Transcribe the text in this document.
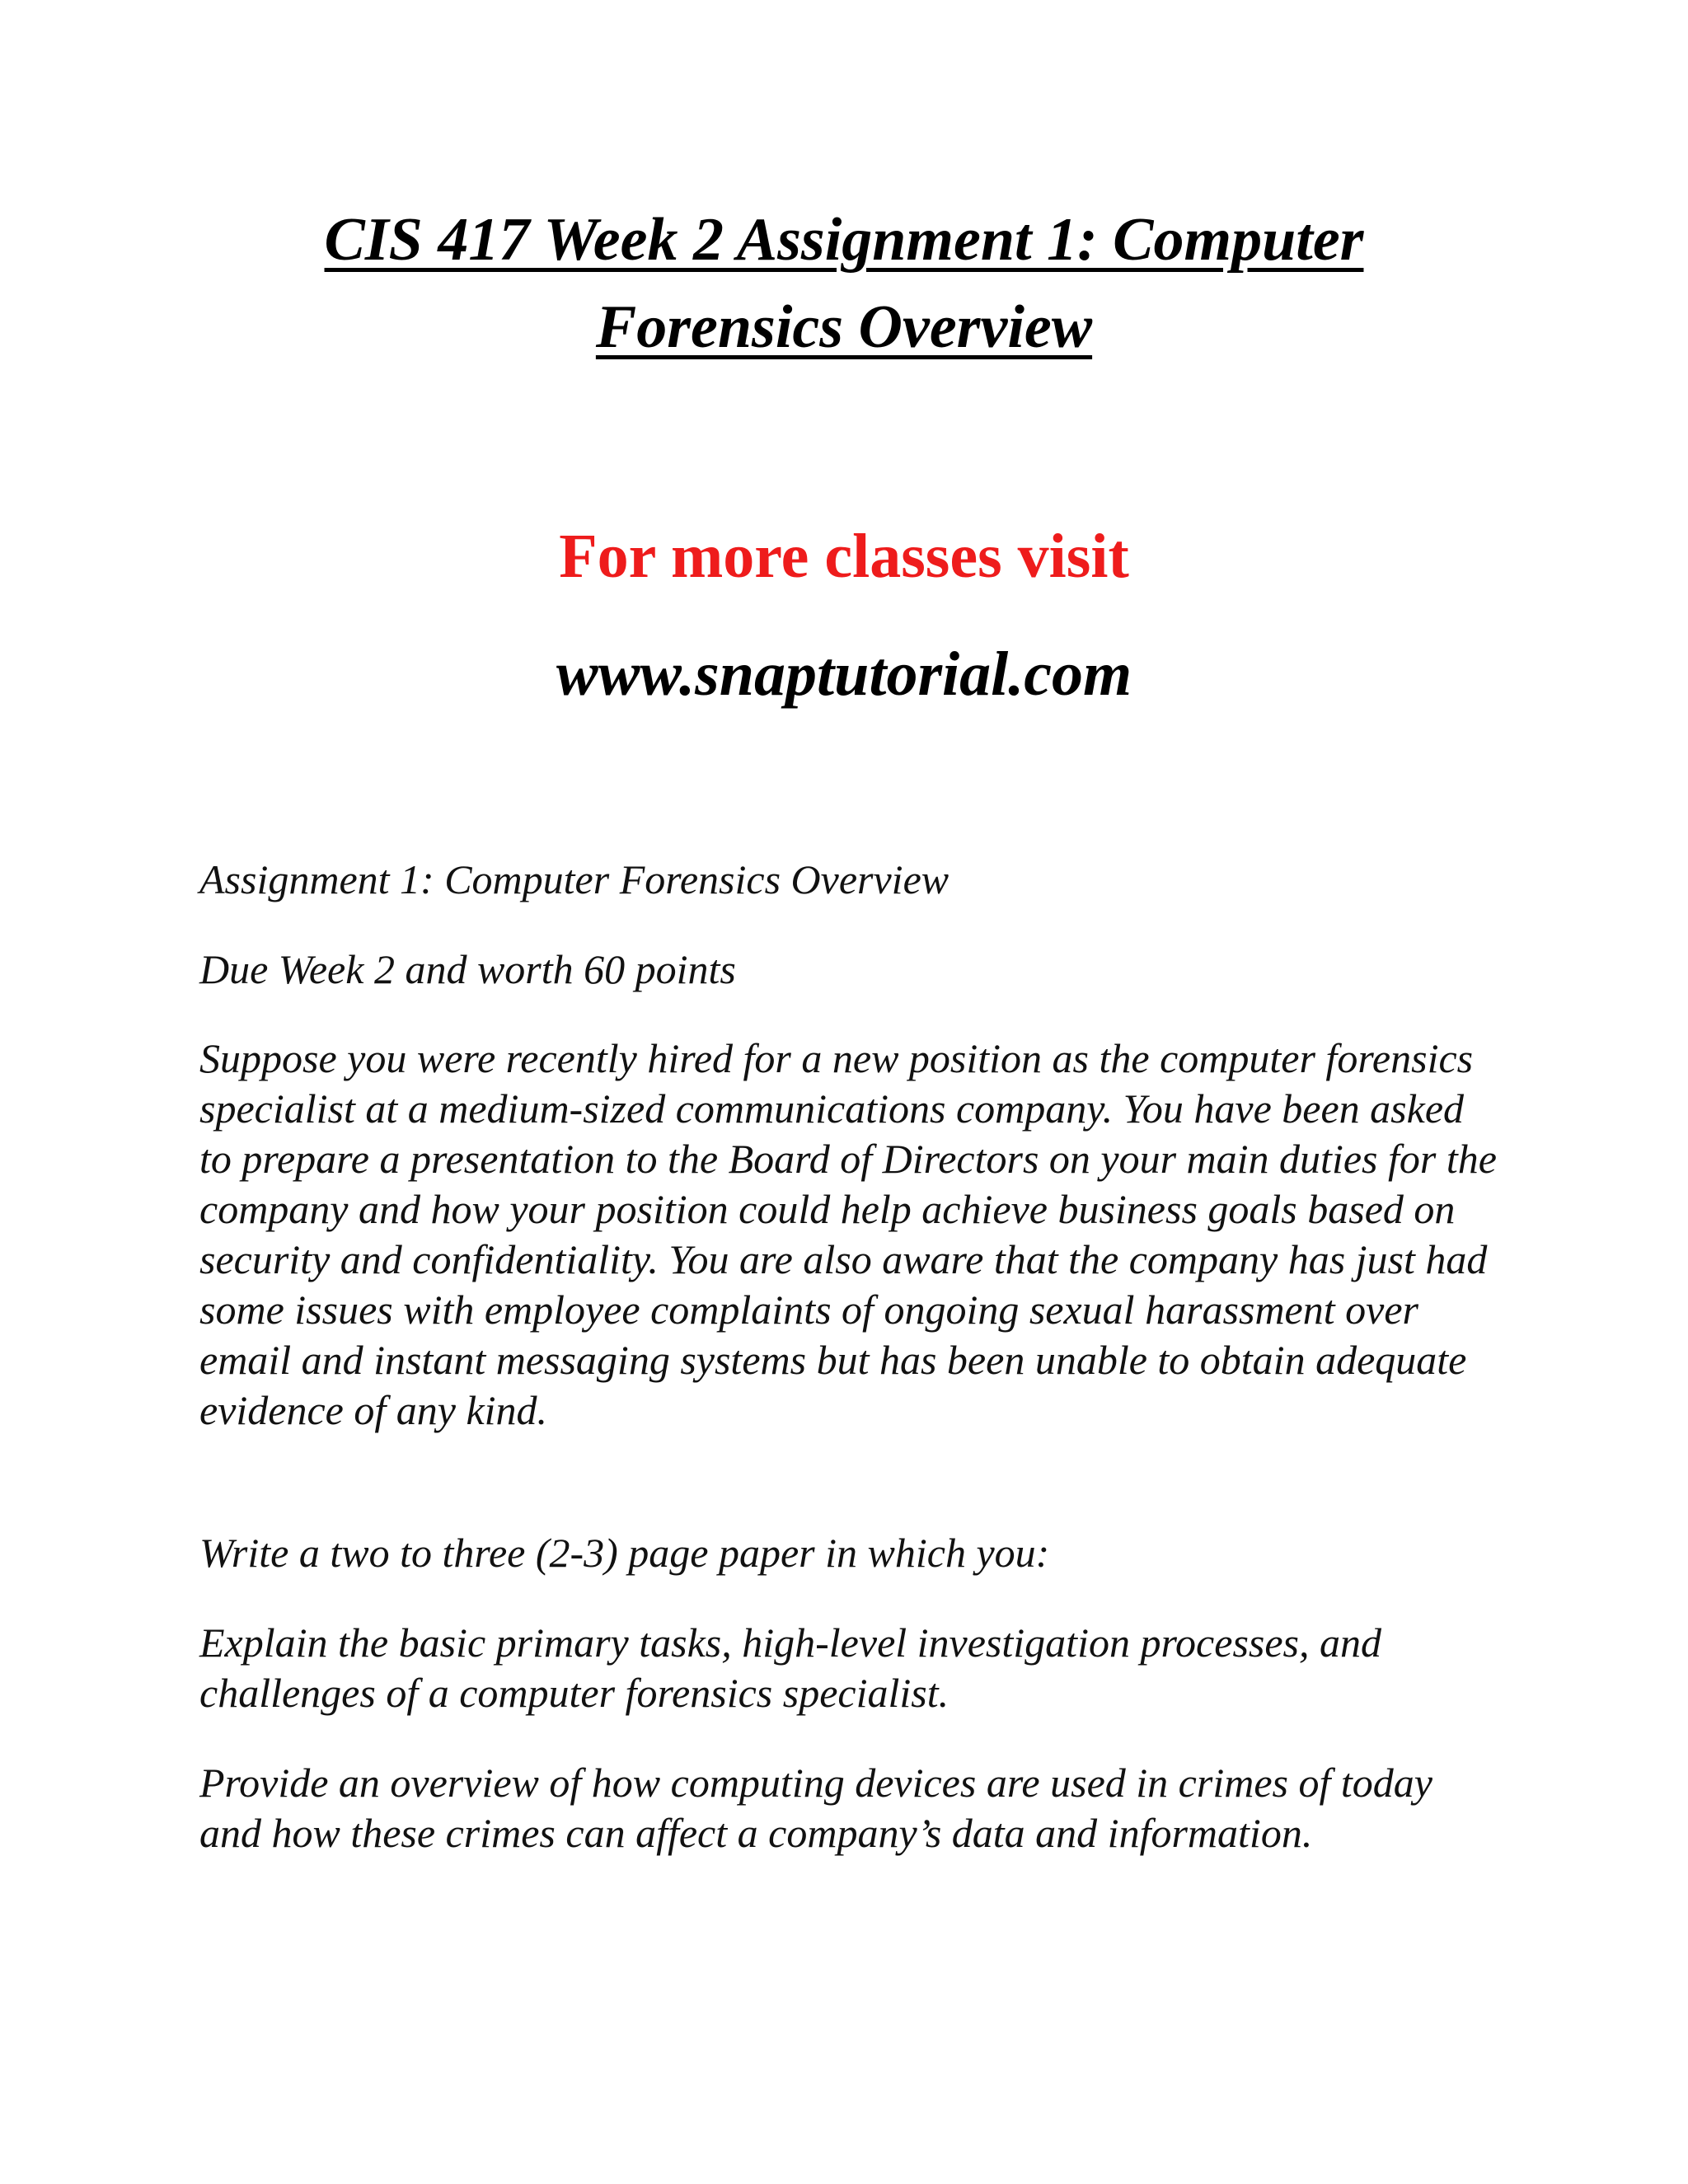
CIS 417 Week 2 Assignment 1: Computer
Forensics Overview

For more classes visit

www.snaptutorial.com

Assignment 1: Computer Forensics Overview

Due Week 2 and worth 60 points

Suppose you were recently hired for a new position as the computer forensics specialist at a medium-sized communications company. You have been asked to prepare a presentation to the Board of Directors on your main duties for the company and how your position could help achieve business goals based on security and confidentiality. You are also aware that the company has just had some issues with employee complaints of ongoing sexual harassment over email and instant messaging systems but has been unable to obtain adequate evidence of any kind.

Write a two to three (2-3) page paper in which you:

Explain the basic primary tasks, high-level investigation processes, and challenges of a computer forensics specialist.

Provide an overview of how computing devices are used in crimes of today and how these crimes can affect a company’s data and information.
